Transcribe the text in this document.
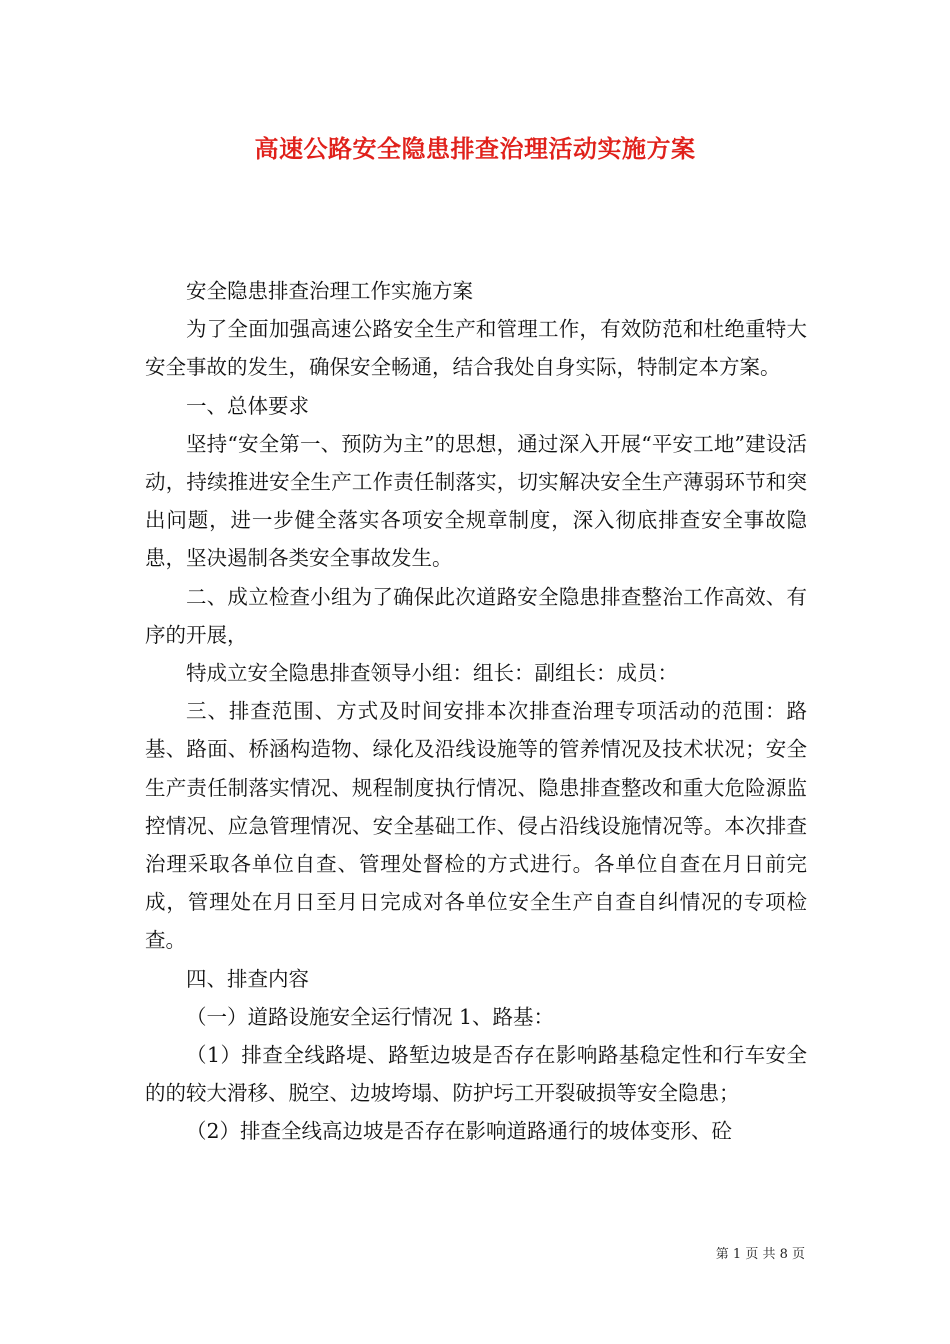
高速公路安全隐患排查治理活动实施方案

安全隐患排查治理工作实施方案

为了全面加强高速公路安全生产和管理工作，有效防范和杜绝重特大安全事故的发生，确保安全畅通，结合我处自身实际，特制定本方案。

一、总体要求

坚持“安全第一、预防为主”的思想，通过深入开展“平安工地”建设活动，持续推进安全生产工作责任制落实，切实解决安全生产薄弱环节和突出问题，进一步健全落实各项安全规章制度，深入彻底排查安全事故隐患，坚决遏制各类安全事故发生。

二、成立检查小组为了确保此次道路安全隐患排查整治工作高效、有序的开展，

特成立安全隐患排查领导小组：组长：副组长：成员：

三、排查范围、方式及时间安排本次排查治理专项活动的范围：路基、路面、桥涵构造物、绿化及沿线设施等的管养情况及技术状况；安全生产责任制落实情况、规程制度执行情况、隐患排查整改和重大危险源监控情况、应急管理情况、安全基础工作、侵占沿线设施情况等。本次排查治理采取各单位自查、管理处督检的方式进行。各单位自查在月日前完成，管理处在月日至月日完成对各单位安全生产自查自纠情况的专项检查。

四、排查内容

（一）道路设施安全运行情况 1、路基：

（1）排查全线路堤、路堑边坡是否存在影响路基稳定性和行车安全的的较大滑移、脱空、边坡垮塌、防护圬工开裂破损等安全隐患；

（2）排查全线高边坡是否存在影响道路通行的坡体变形、砼

第 1 页 共 8 页
